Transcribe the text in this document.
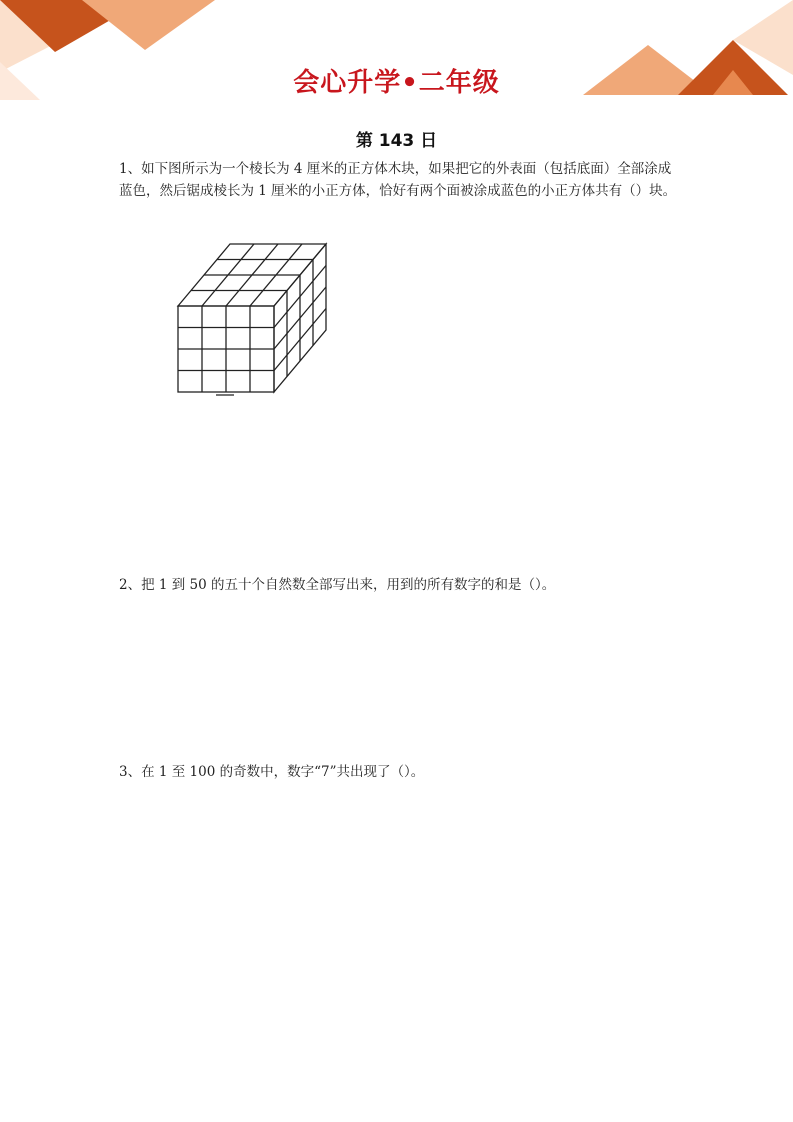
会心升学•二年级
第 143 日

1、如下图所示为一个棱长为 4 厘米的正方体木块，如果把它的外表面（包括底面）全部涂成蓝色，然后锯成棱长为 1 厘米的小正方体，恰好有两个面被涂成蓝色的小正方体共有（）块。

2、把 1 到 50 的五十个自然数全部写出来，用到的所有数字的和是（）。

3、在 1 至 100 的奇数中，数字“7”共出现了（）。
